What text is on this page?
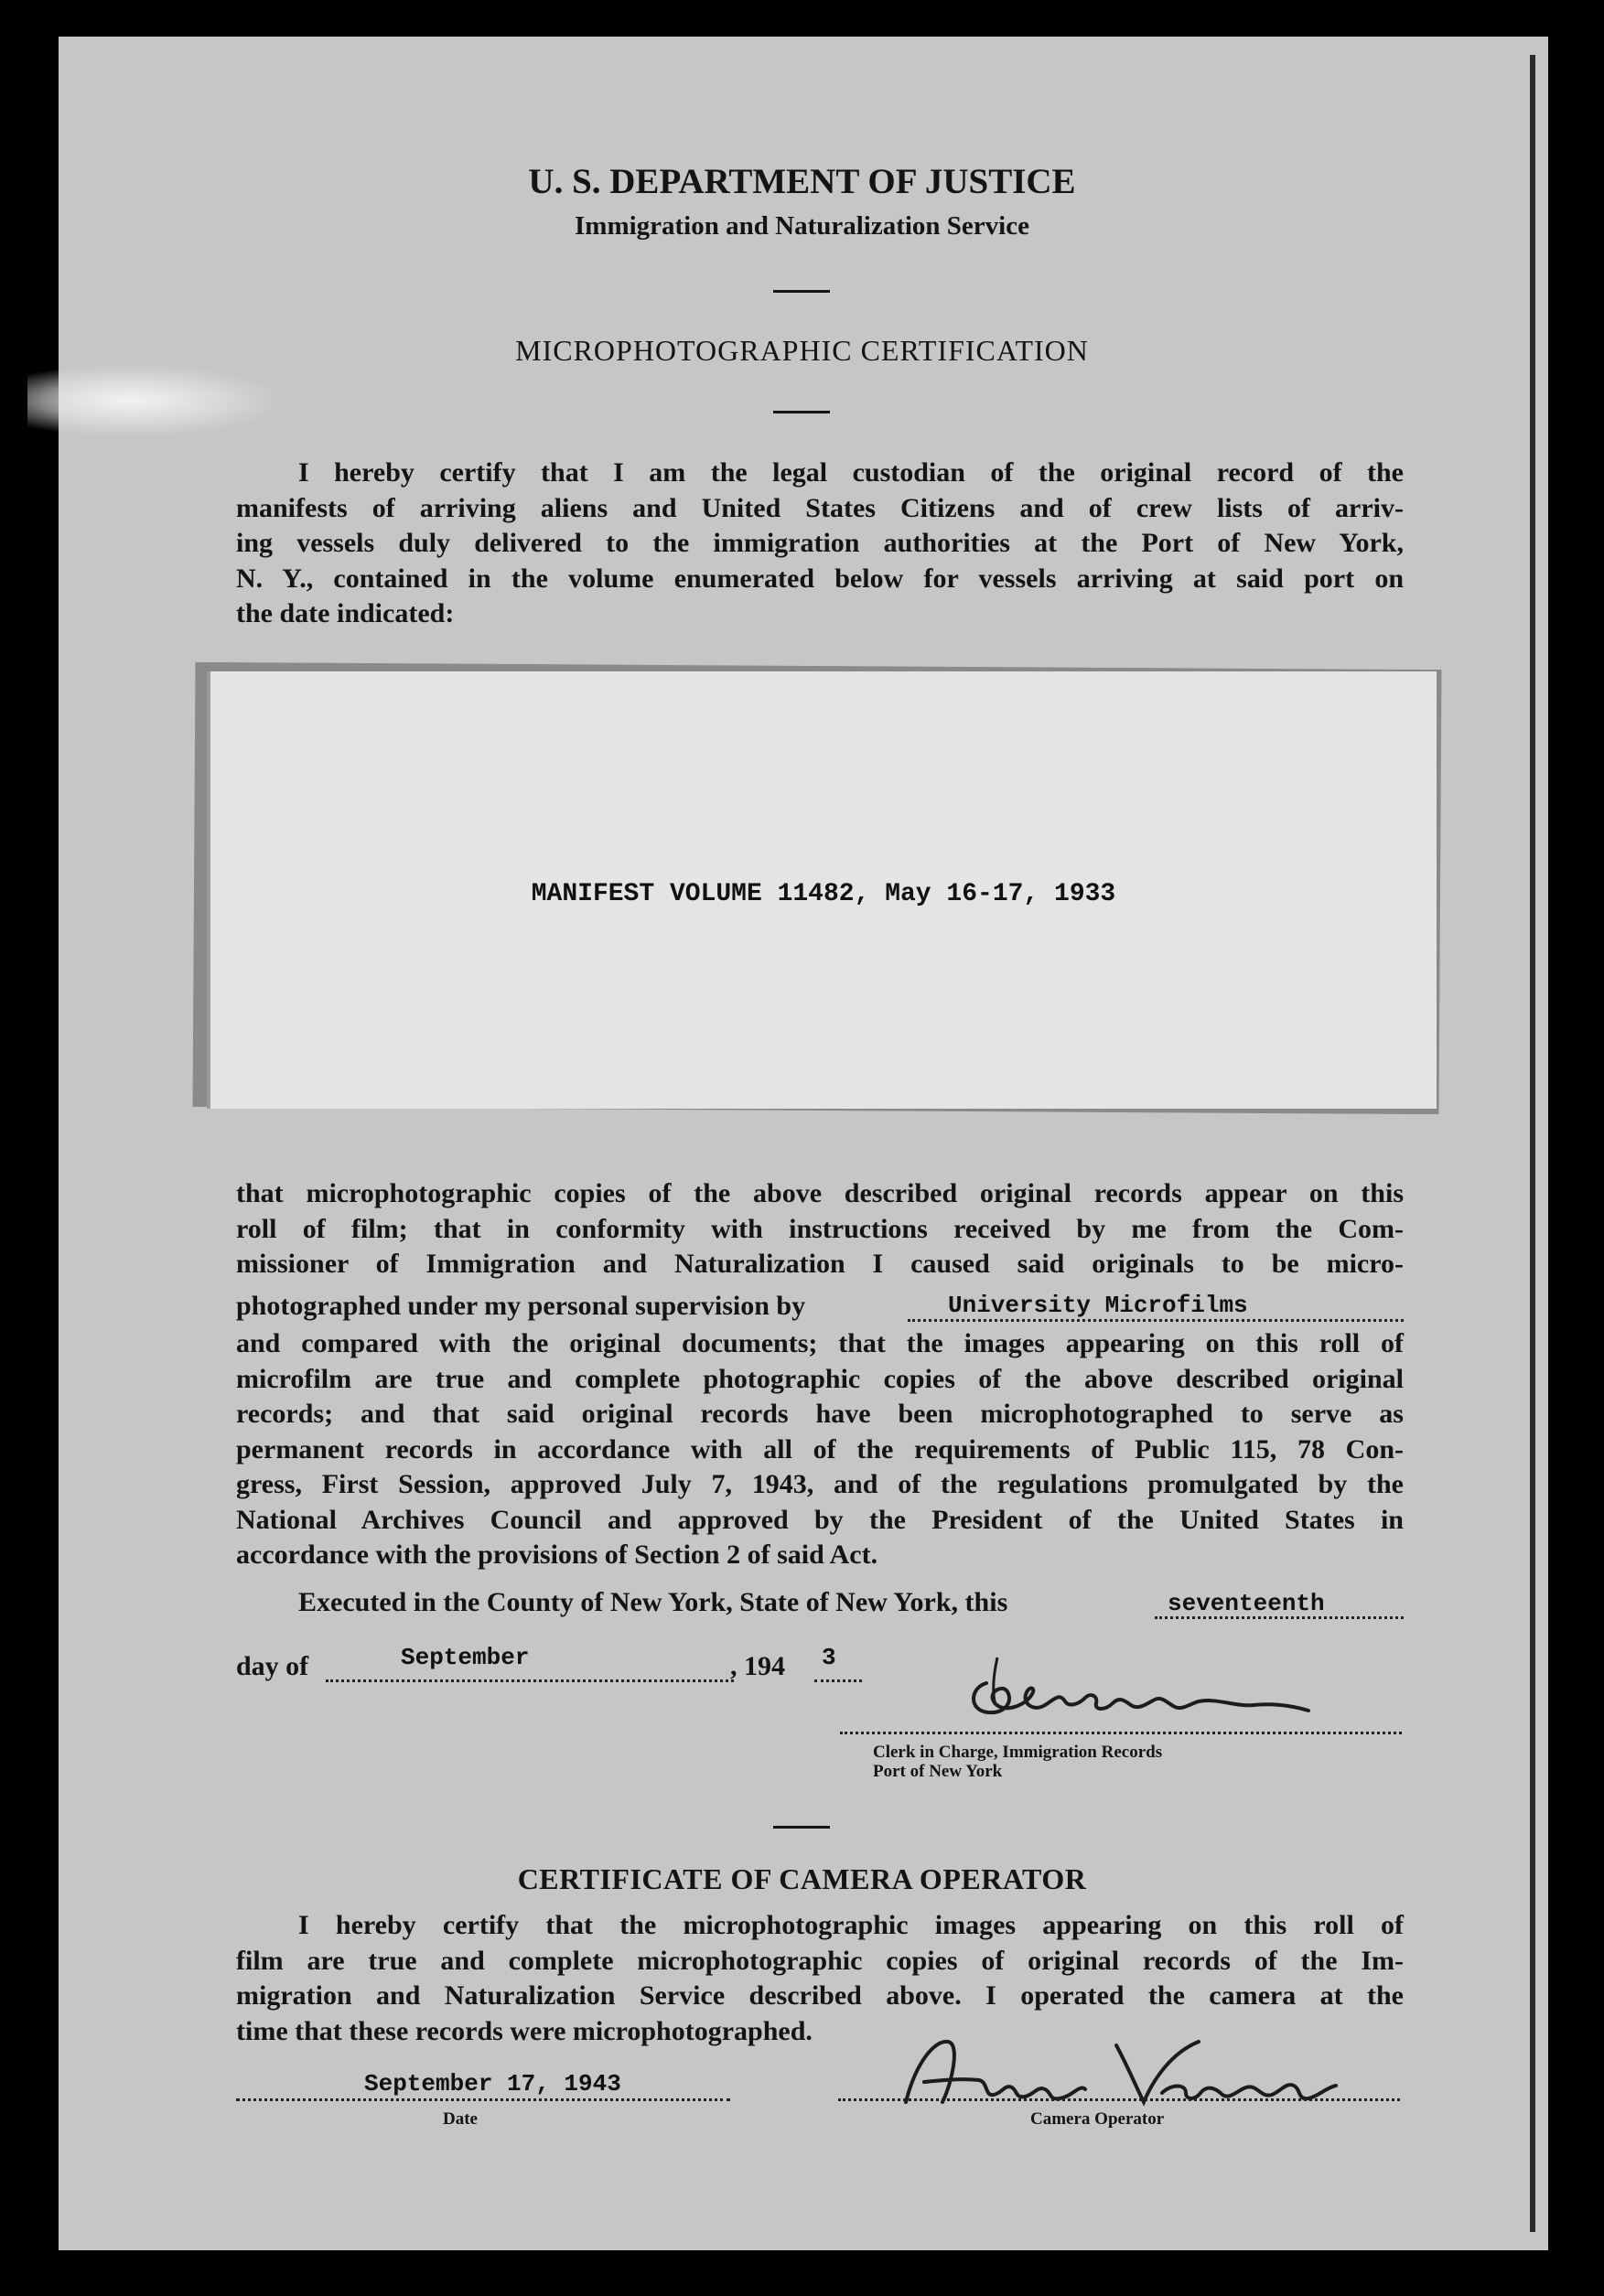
U. S. DEPARTMENT OF JUSTICE
Immigration and Naturalization Service
MICROPHOTOGRAPHIC CERTIFICATION

I hereby certify that I am the legal custodian of the original record of the

manifests of arriving aliens and United States Citizens and of crew lists of arriv-

ing vessels duly delivered to the immigration authorities at the Port of New York,

N. Y., contained in the volume enumerated below for vessels arriving at said port on

the date indicated:

MANIFEST VOLUME 11482, May 16-17, 1933

that microphotographic copies of the above described original records appear on this

roll of film; that in conformity with instructions received by me from the Com-

missioner of Immigration and Naturalization I caused said originals to be micro-

photographed under my personal supervision by	University Microfilms

and compared with the original documents; that the images appearing on this roll of

microfilm are true and complete photographic copies of the above described original

records; and that said original records have been microphotographed to serve as

permanent records in accordance with all of the requirements of Public 115, 78 Con-

gress, First Session, approved July 7, 1943, and of the regulations promulgated by the

National Archives Council and approved by the President of the United States in

accordance with the provisions of Section 2 of said Act.

Executed in the County of New York, State of New York, this	seventeenth
day of	September	, 194 3
Clerk in Charge, Immigration Records
Port of New York
CERTIFICATE OF CAMERA OPERATOR

I hereby certify that the microphotographic images appearing on this roll of

film are true and complete microphotographic copies of original records of the Im-

migration and Naturalization Service described above. I operated the camera at the

time that these records were microphotographed.

September 17, 1943
Date	Camera Operator
